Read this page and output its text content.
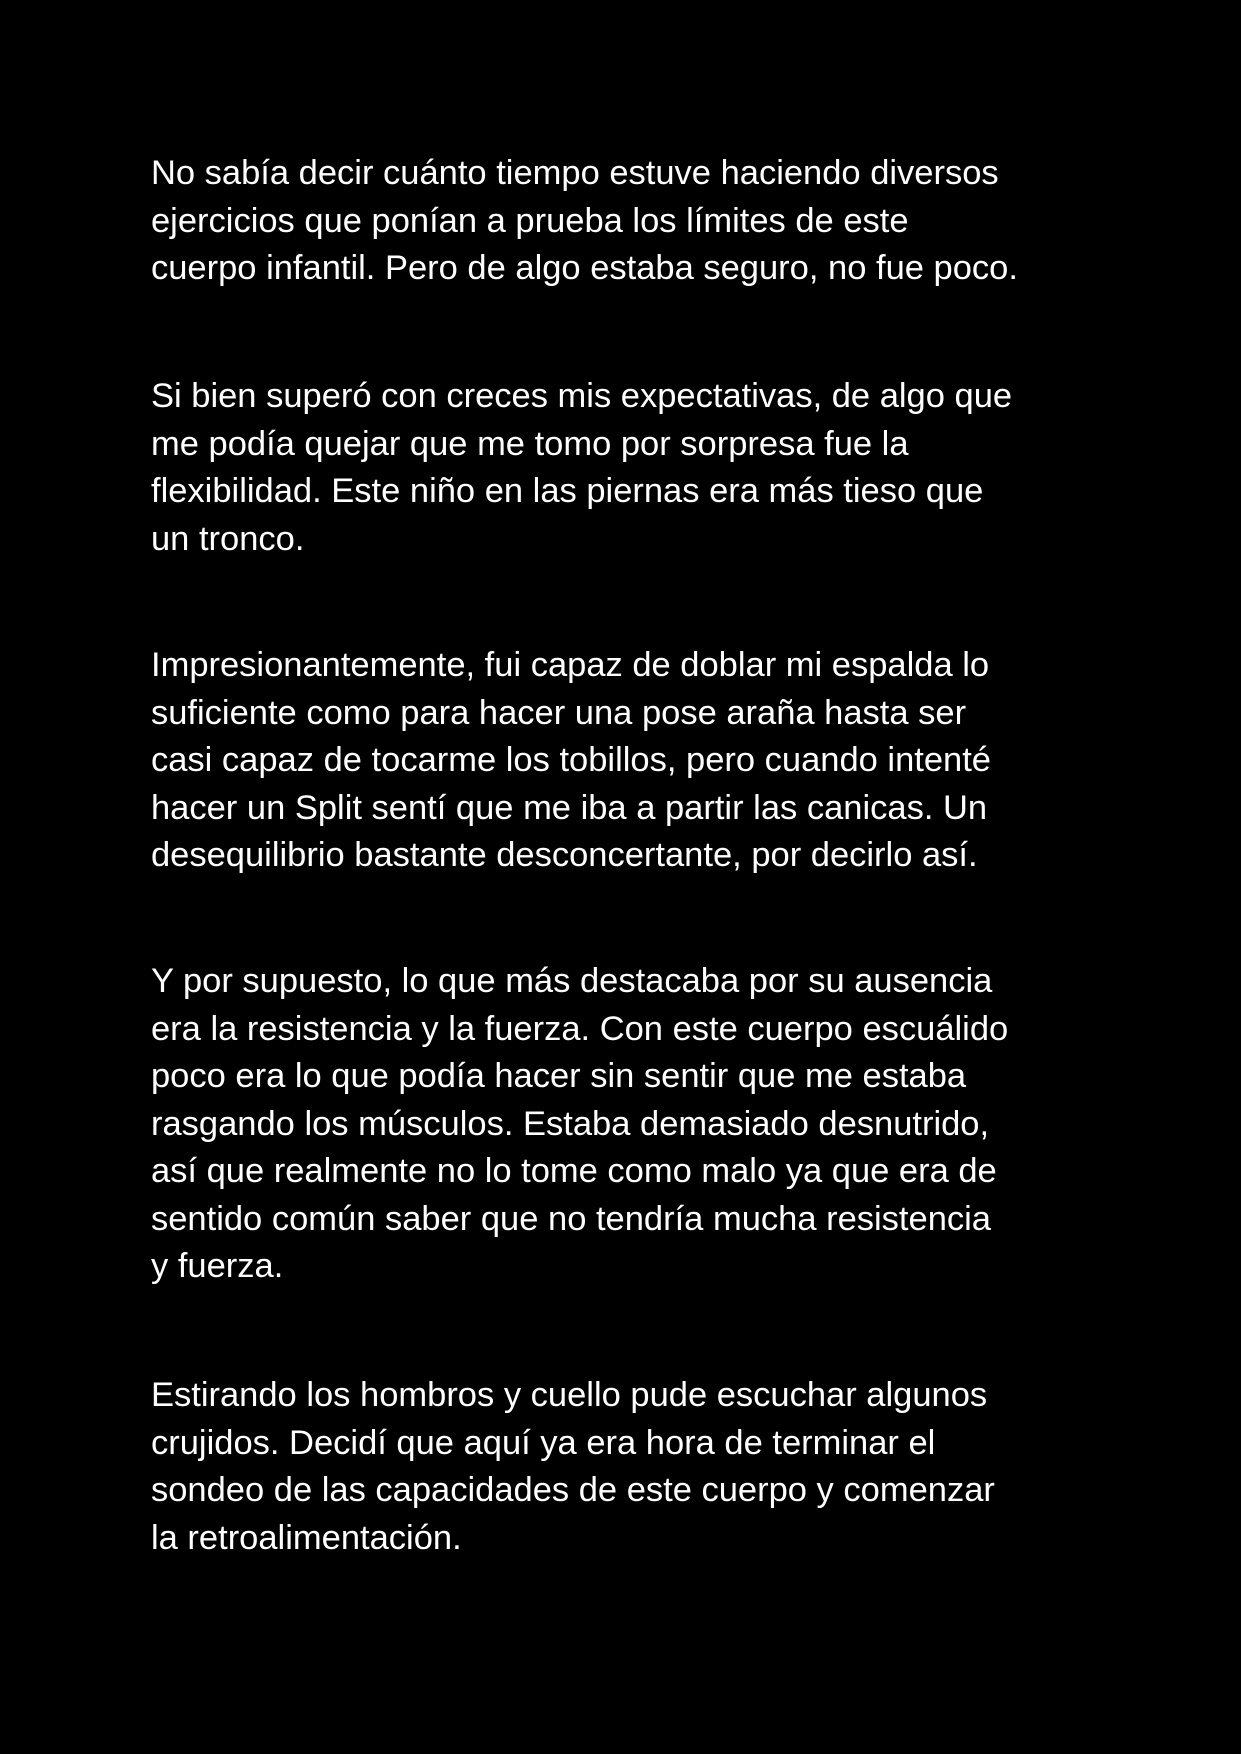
No sabía decir cuánto tiempo estuve haciendo diversos
ejercicios que ponían a prueba los límites de este
cuerpo infantil. Pero de algo estaba seguro, no fue poco.

Si bien superó con creces mis expectativas, de algo que
me podía quejar que me tomo por sorpresa fue la
flexibilidad. Este niño en las piernas era más tieso que
un tronco.

Impresionantemente, fui capaz de doblar mi espalda lo
suficiente como para hacer una pose araña hasta ser
casi capaz de tocarme los tobillos, pero cuando intenté
hacer un Split sentí que me iba a partir las canicas. Un
desequilibrio bastante desconcertante, por decirlo así.

Y por supuesto, lo que más destacaba por su ausencia
era la resistencia y la fuerza. Con este cuerpo escuálido
poco era lo que podía hacer sin sentir que me estaba
rasgando los músculos. Estaba demasiado desnutrido,
así que realmente no lo tome como malo ya que era de
sentido común saber que no tendría mucha resistencia
y fuerza.

Estirando los hombros y cuello pude escuchar algunos
crujidos. Decidí que aquí ya era hora de terminar el
sondeo de las capacidades de este cuerpo y comenzar
la retroalimentación.
